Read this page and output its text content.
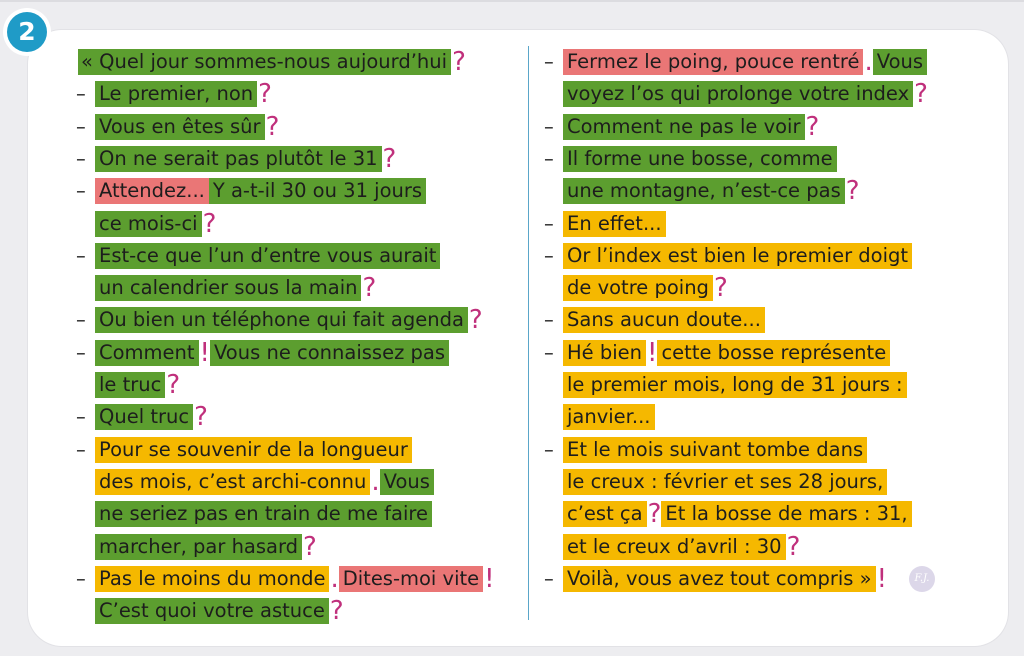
2
« Quel jour sommes-nous aujourd’hui ?
– Le premier, non ?
– Vous en êtes sûr ?
– On ne serait pas plutôt le 31 ?
– Attendez... Y a-t-il 30 ou 31 jours
ce mois-ci ?
– Est-ce que l’un d’entre vous aurait
un calendrier sous la main ?
– Ou bien un téléphone qui fait agenda ?
– Comment ! Vous ne connaissez pas
le truc ?
– Quel truc ?
– Pour se souvenir de la longueur
des mois, c’est archi-connu . Vous
ne seriez pas en train de me faire
marcher, par hasard ?
– Pas le moins du monde . Dites-moi vite !
C’est quoi votre astuce ?
– Fermez le poing, pouce rentré . Vous
voyez l’os qui prolonge votre index ?
– Comment ne pas le voir ?
– Il forme une bosse, comme
une montagne, n’est-ce pas ?
– En effet...
– Or l’index est bien le premier doigt
de votre poing ?
– Sans aucun doute...
– Hé bien ! cette bosse représente
le premier mois, long de 31 jours :
janvier...
– Et le mois suivant tombe dans
le creux : février et ses 28 jours,
c’est ça ? Et la bosse de mars : 31,
et le creux d’avril : 30 ?
– Voilà, vous avez tout compris » !	F.J.
